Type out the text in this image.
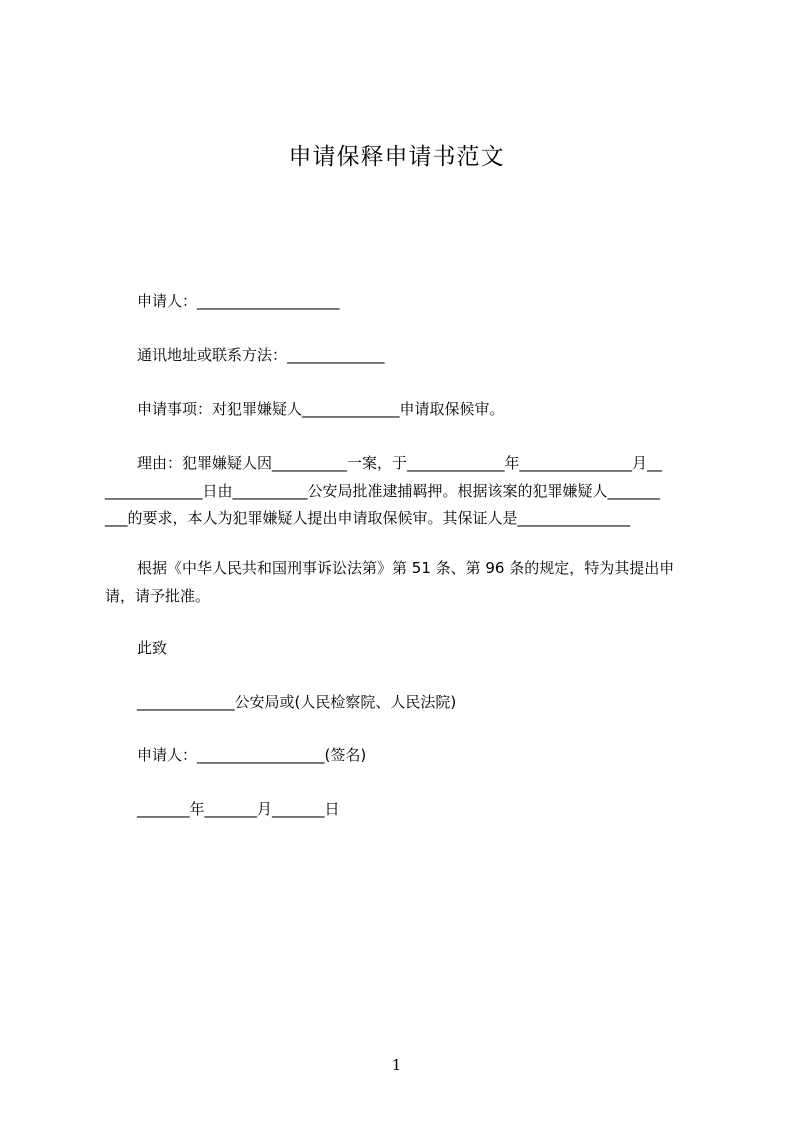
申请保释申请书范文
申请人：___________________
通讯地址或联系方法：_____________
申请事项：对犯罪嫌疑人_____________申请取保候审。
理由：犯罪嫌疑人因__________一案，于_____________年_______________月__
_____________日由__________公安局批准逮捕羁押。根据该案的犯罪嫌疑人_______
___的要求，本人为犯罪嫌疑人提出申请取保候审。其保证人是_______________
根据《中华人民共和国刑事诉讼法第》第 51 条、第 96 条的规定，特为其提出申
请，请予批准。
此致
_____________公安局或(人民检察院、人民法院)
申请人：_________________(签名)
_______年_______月_______日
1
